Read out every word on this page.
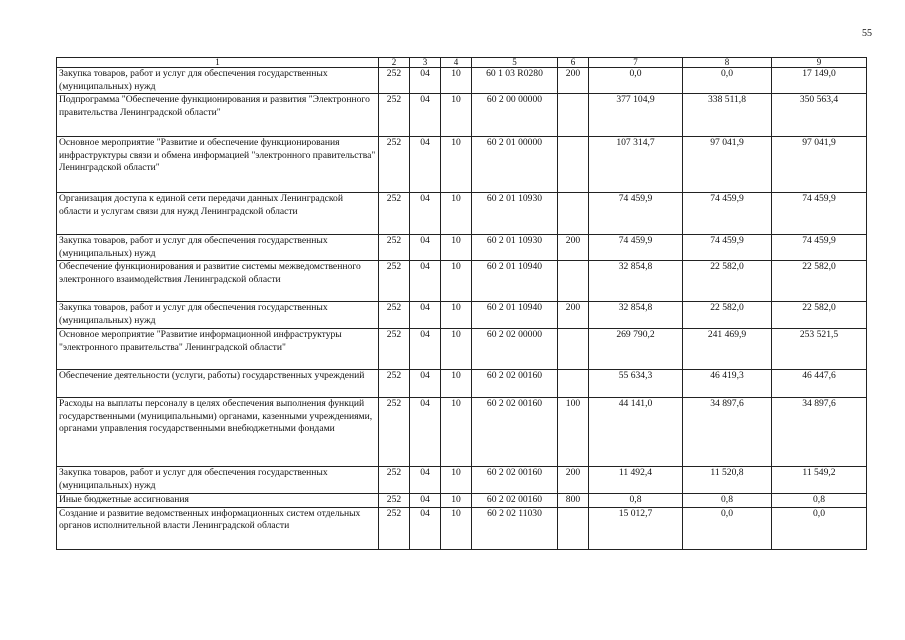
55
1	2	3	4	5	6	7	8	9
Закупка товаров, работ и услуг для обеспечения государственных (муниципальных) нужд	252	04	10	60 1 03 R0280	200	0,0	0,0	17 149,0
Подпрограмма "Обеспечение функционирования и развития "Электронного правительства Ленинградской области"	252	04	10	60 2 00 00000		377 104,9	338 511,8	350 563,4
Основное мероприятие "Развитие и обеспечение функционирования инфраструктуры связи и обмена информацией "электронного правительства" Ленинградской области"	252	04	10	60 2 01 00000		107 314,7	97 041,9	97 041,9
Организация доступа к единой сети передачи данных Ленинградской области и услугам связи для нужд Ленинградской области	252	04	10	60 2 01 10930		74 459,9	74 459,9	74 459,9
Закупка товаров, работ и услуг для обеспечения государственных (муниципальных) нужд	252	04	10	60 2 01 10930	200	74 459,9	74 459,9	74 459,9
Обеспечение функционирования и развитие системы межведомственного электронного взаимодействия Ленинградской области	252	04	10	60 2 01 10940		32 854,8	22 582,0	22 582,0
Закупка товаров, работ и услуг для обеспечения государственных (муниципальных) нужд	252	04	10	60 2 01 10940	200	32 854,8	22 582,0	22 582,0
Основное мероприятие "Развитие информационной инфраструктуры "электронного правительства" Ленинградской области"	252	04	10	60 2 02 00000		269 790,2	241 469,9	253 521,5
Обеспечение деятельности (услуги, работы) государственных учреждений	252	04	10	60 2 02 00160		55 634,3	46 419,3	46 447,6
Расходы на выплаты персоналу в целях обеспечения выполнения функций государственными (муниципальными) органами, казенными учреждениями, органами управления государственными внебюджетными фондами	252	04	10	60 2 02 00160	100	44 141,0	34 897,6	34 897,6
Закупка товаров, работ и услуг для обеспечения государственных (муниципальных) нужд	252	04	10	60 2 02 00160	200	11 492,4	11 520,8	11 549,2
Иные бюджетные ассигнования	252	04	10	60 2 02 00160	800	0,8	0,8	0,8
Создание и развитие ведомственных информационных систем отдельных органов исполнительной власти Ленинградской области	252	04	10	60 2 02 11030		15 012,7	0,0	0,0
